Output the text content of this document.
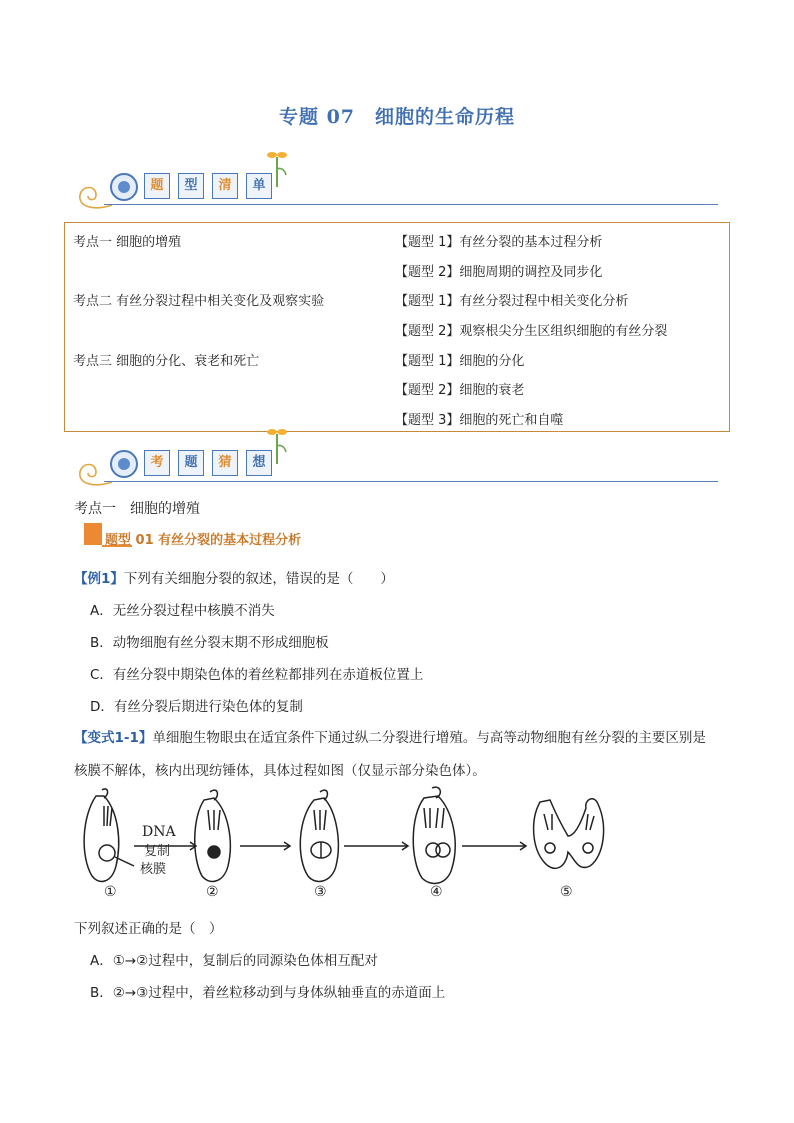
专题 07　细胞的生命历程
题	型	清	单
考点一 细胞的增殖	【题型 1】有丝分裂的基本过程分析
【题型 2】细胞周期的调控及同步化
考点二 有丝分裂过程中相关变化及观察实验	【题型 1】有丝分裂过程中相关变化分析
【题型 2】观察根尖分生区组织细胞的有丝分裂
考点三 细胞的分化、衰老和死亡	【题型 1】细胞的分化
【题型 2】细胞的衰老
【题型 3】细胞的死亡和自噬
考	题	猜	想
考点一　细胞的增殖
题型 01 有丝分裂的基本过程分析
【例1】下列有关细胞分裂的叙述，错误的是（　　）
A．无丝分裂过程中核膜不消失
B．动物细胞有丝分裂末期不形成细胞板
C．有丝分裂中期染色体的着丝粒都排列在赤道板位置上
D．有丝分裂后期进行染色体的复制
【变式1-1】单细胞生物眼虫在适宜条件下通过纵二分裂进行增殖。与高等动物细胞有丝分裂的主要区别是
核膜不解体，核内出现纺锤体，具体过程如图（仅显示部分染色体）。
DNA
复制
核膜
①	②	③	④	⑤
下列叙述正确的是（　）
A．①→②过程中，复制后的同源染色体相互配对
B．②→③过程中，着丝粒移动到与身体纵轴垂直的赤道面上
